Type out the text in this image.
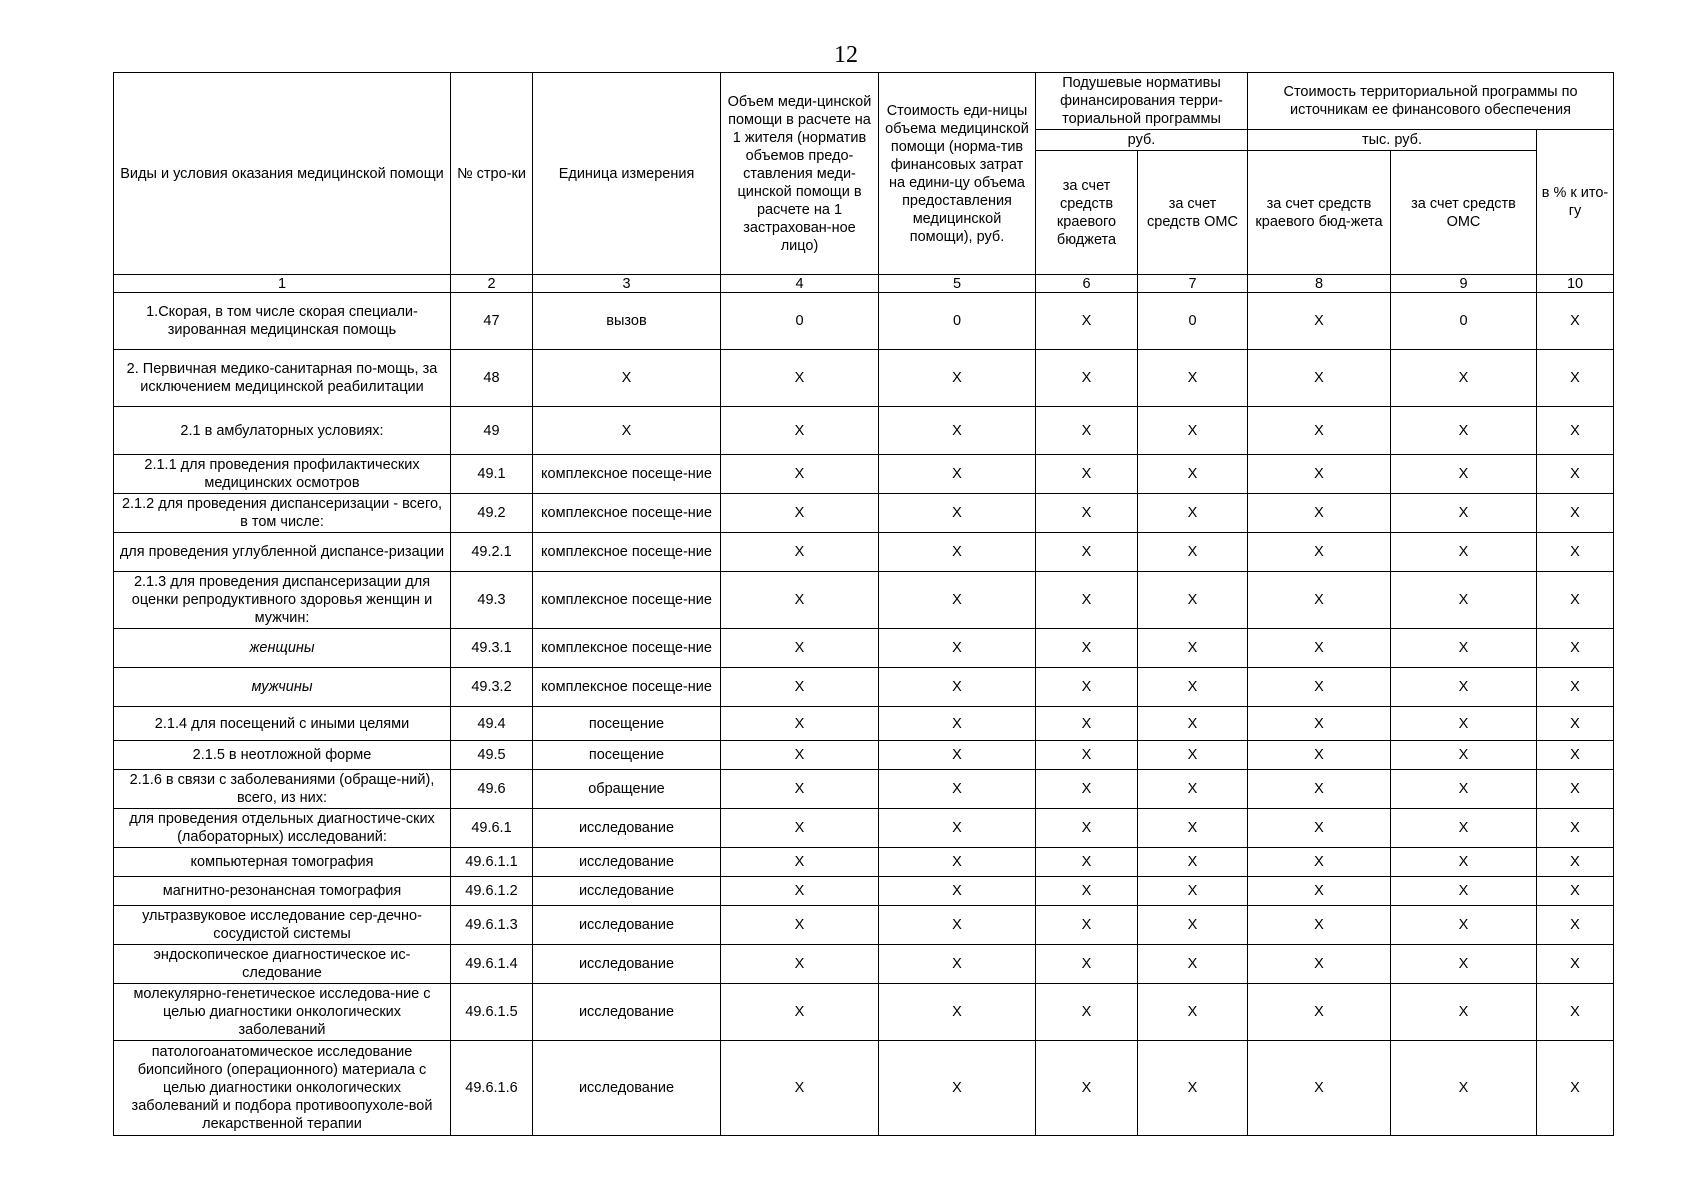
12
Виды и условия оказания медицинской помощи	№ стро-ки	Единица измерения	Объем меди-цинской помощи в расчете на 1 жителя (норматив объемов предо-ставления меди-цинской помощи в расчете на 1 застрахован-ное лицо)	Стоимость еди-ницы объема медицинской помощи (норма-тив финансовых затрат на едини-цу объема предоставления медицинской помощи), руб.	Подушевые нормативы финансирования терри-ториальной программы		Стоимость территориальной программы по источникам ее финансового обеспечения		
					руб.		тыс. руб.		в % к ито-гу
					за счет средств краевого бюджета	за счет средств ОМС	за счет средств краевого бюд-жета	за счет средств ОМС	
1	2	3	4	5	6	7	8	9	10
1.Скорая, в том числе скорая специали-зированная медицинская помощь	47	вызов	0	0	Х	0	Х	0	Х
2. Первичная медико-санитарная по-мощь, за исключением медицинской реабилитации	48	Х	Х	Х	Х	Х	Х	Х	Х
2.1 в амбулаторных условиях:	49	Х	Х	Х	Х	Х	Х	Х	Х
2.1.1 для проведения профилактических медицинских осмотров	49.1	комплексное посеще-ние	Х	Х	Х	Х	Х	Х	Х
2.1.2 для проведения диспансеризации - всего, в том числе:	49.2	комплексное посеще-ние	Х	Х	Х	Х	Х	Х	Х
для проведения углубленной диспансе-ризации	49.2.1	комплексное посеще-ние	Х	Х	Х	Х	Х	Х	Х
2.1.3 для проведения диспансеризации для оценки репродуктивного здоровья женщин и мужчин:	49.3	комплексное посеще-ние	Х	Х	Х	Х	Х	Х	Х
женщины	49.3.1	комплексное посеще-ние	Х	Х	Х	Х	Х	Х	Х
мужчины	49.3.2	комплексное посеще-ние	Х	Х	Х	Х	Х	Х	Х
2.1.4 для посещений с иными целями	49.4	посещение	Х	Х	Х	Х	Х	Х	Х
2.1.5 в неотложной форме	49.5	посещение	Х	Х	Х	Х	Х	Х	Х
2.1.6 в связи с заболеваниями (обраще-ний), всего, из них:	49.6	обращение	Х	Х	Х	Х	Х	Х	Х
для проведения отдельных диагностиче-ских (лабораторных) исследований:	49.6.1	исследование	Х	Х	Х	Х	Х	Х	Х
компьютерная томография	49.6.1.1	исследование	Х	Х	Х	Х	Х	Х	Х
магнитно-резонансная томография	49.6.1.2	исследование	Х	Х	Х	Х	Х	Х	Х
ультразвуковое исследование сер-дечно-сосудистой системы	49.6.1.3	исследование	Х	Х	Х	Х	Х	Х	Х
эндоскопическое диагностическое ис-следование	49.6.1.4	исследование	Х	Х	Х	Х	Х	Х	Х
молекулярно-генетическое исследова-ние с целью диагностики онкологических заболеваний	49.6.1.5	исследование	Х	Х	Х	Х	Х	Х	Х
патологоанатомическое исследование биопсийного (операционного) материала с целью диагностики онкологических заболеваний и подбора противоопухоле-вой лекарственной терапии	49.6.1.6	исследование	Х	Х	Х	Х	Х	Х	Х
